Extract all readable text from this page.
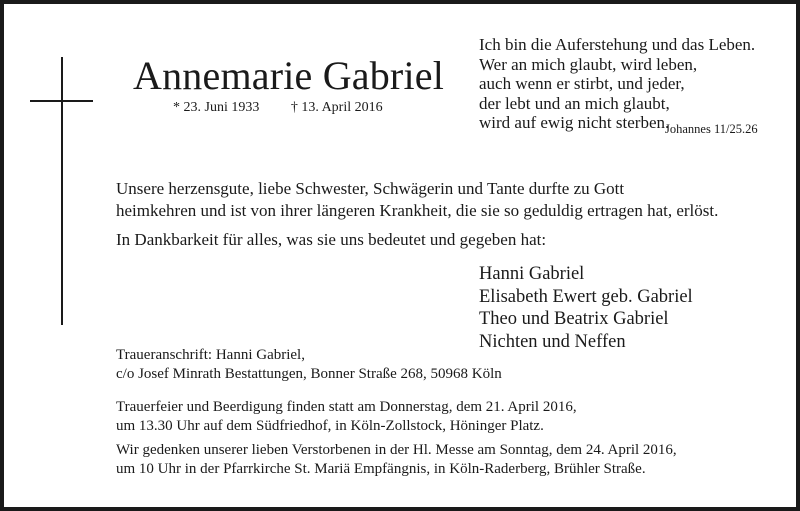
Annemarie Gabriel
* 23. Juni 1933 † 13. April 2016
Ich bin die Auferstehung und das Leben.
Wer an mich glaubt, wird leben,
auch wenn er stirbt, und jeder,
der lebt und an mich glaubt,
wird auf ewig nicht sterben.
Johannes 11/25.26
Unsere herzensgute, liebe Schwester, Schwägerin und Tante durfte zu Gott
heimkehren und ist von ihrer längeren Krankheit, die sie so geduldig ertragen hat, erlöst.
In Dankbarkeit für alles, was sie uns bedeutet und gegeben hat:
Hanni Gabriel
Elisabeth Ewert geb. Gabriel
Theo und Beatrix Gabriel
Nichten und Neffen
Traueranschrift: Hanni Gabriel,
c/o Josef Minrath Bestattungen, Bonner Straße 268, 50968 Köln
Trauerfeier und Beerdigung finden statt am Donnerstag, dem 21. April 2016,
um 13.30 Uhr auf dem Südfriedhof, in Köln-Zollstock, Höninger Platz.
Wir gedenken unserer lieben Verstorbenen in der Hl. Messe am Sonntag, dem 24. April 2016,
um 10 Uhr in der Pfarrkirche St. Mariä Empfängnis, in Köln-Raderberg, Brühler Straße.
